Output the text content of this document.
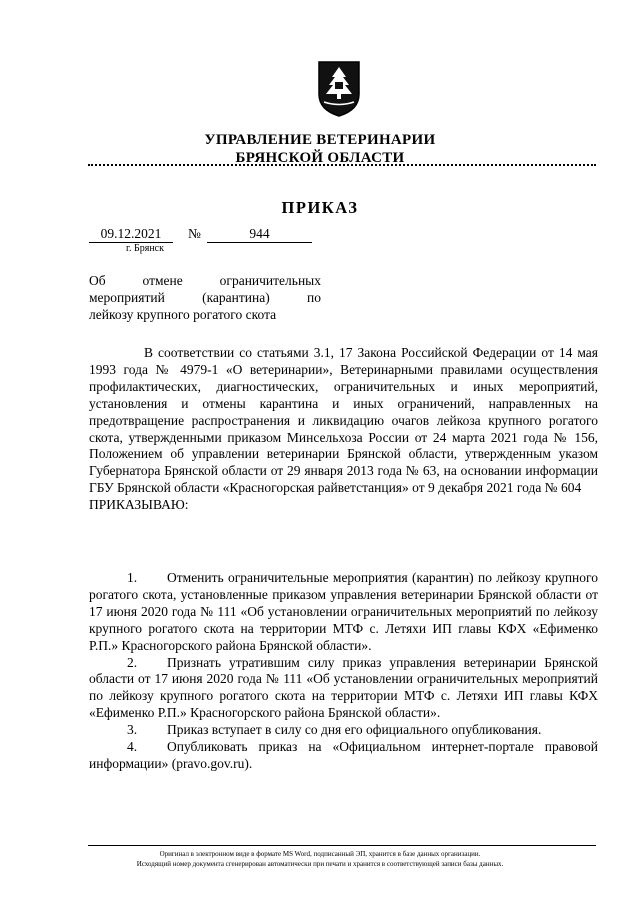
УПРАВЛЕНИЕ ВЕТЕРИНАРИИ
БРЯНСКОЙ ОБЛАСТИ
ПРИКАЗ
09.12.2021	№	944
г. Брянск
Об отмене ограничительных
мероприятий (карантина) по
лейкозу крупного рогатого скота

В соответствии со статьями 3.1, 17 Закона Российской Федерации от 14 мая 1993 года № 4979-1 «О ветеринарии», Ветеринарными правилами осуществления профилактических, диагностических, ограничительных и иных мероприятий, установления и отмены карантина и иных ограничений, направленных на предотвращение распространения и ликвидацию очагов лейкоза крупного рогатого скота, утвержденными приказом Минсельхоза России от 24 марта 2021 года № 156, Положением об управлении ветеринарии Брянской области, утвержденным указом Губернатора Брянской области от 29 января 2013 года № 63, на основании информации ГБУ Брянской области «Красногорская райветстанция» от 9 декабря 2021 года № 604

ПРИКАЗЫВАЮ:

1. Отменить ограничительные мероприятия (карантин) по лейкозу крупного рогатого скота, установленные приказом управления ветеринарии Брянской области от 17 июня 2020 года № 111 «Об установлении ограничительных мероприятий по лейкозу крупного рогатого скота на территории МТФ с. Летяхи ИП главы КФХ «Ефименко Р.П.» Красногорского района Брянской области».

2. Признать утратившим силу приказ управления ветеринарии Брянской области от 17 июня 2020 года № 111 «Об установлении ограничительных мероприятий по лейкозу крупного рогатого скота на территории МТФ с. Летяхи ИП главы КФХ «Ефименко Р.П.» Красногорского района Брянской области».

3. Приказ вступает в силу со дня его официального опубликования.

4. Опубликовать приказ на «Официальном интернет-портале правовой информации» (pravo.gov.ru).

Оригинал в электронном виде в формате MS Word, подписанный ЭП, хранится в базе данных организации.
Исходящий номер документа сгенерирован автоматически при печати и хранится в соответствующей записи базы данных.
